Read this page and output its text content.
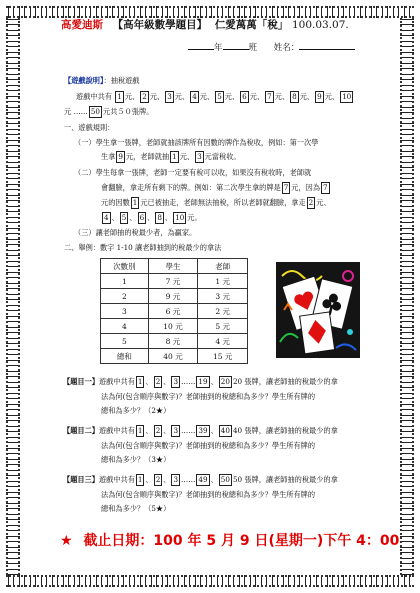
高愛迪斯 【高年級數學題目】 仁愛萬萬「稅」 100.03.07.
年	班 姓名：
【遊戲說明】：抽稅遊戲
遊戲中共有 1 元、 2 元、 3 元、 4 元、 5 元、 6 元、 7 元、 8 元、 9 元、 10
元 …… 50 元共５０張牌。
一、遊戲規則：
（一）學生拿一張牌，老師就抽該牌所有因數的牌作為稅收，例如：第一次學
生拿 9 元，老師就抽 1 元、 3 元當稅收。
（二）學生每拿一張牌，老師一定要有稅可以收，如果沒有稅收時，老師就
會翻臉，拿走所有剩下的牌。例如：第二次學生拿的牌是 7 元，因為 7
元的因數 1 元已被抽走，老師無法抽稅，所以老師就翻臉，拿走 2 元、
4 、 5 、 6 、 8 、 10 元。
（三）讓老師抽的稅最少者，為贏家。
二、舉例：數字 1-10 讓老師抽到的稅最少的拿法
次數別	學生	老師
1	7 元	1 元
2	9 元	3 元
3	6 元	2 元
4	10 元	5 元
5	8 元	4 元
總和	40 元	15 元
【題目一】遊戲中共有 1 、 2 、 3 …… 19 、 20 20 張牌，讓老師抽的稅最少的拿
法為何(包含順序與數字)？老師抽到的稅總和為多少？學生所有牌的
總和為多少？（2★）
【題目二】遊戲中共有 1 、 2 、 3 …… 39 、 40 40 張牌，讓老師抽的稅最少的拿
法為何(包含順序與數字)？老師抽到的稅總和為多少？學生所有牌的
總和為多少？（3★）
【題目三】遊戲中共有 1 、 2 、 3 …… 49 、 50 50 張牌，讓老師抽的稅最少的拿
法為何(包含順序與數字)？老師抽到的稅總和為多少？學生所有牌的
總和為多少？（5★）
★ 截止日期：100 年 5 月 9 日(星期一)下午 4：00
